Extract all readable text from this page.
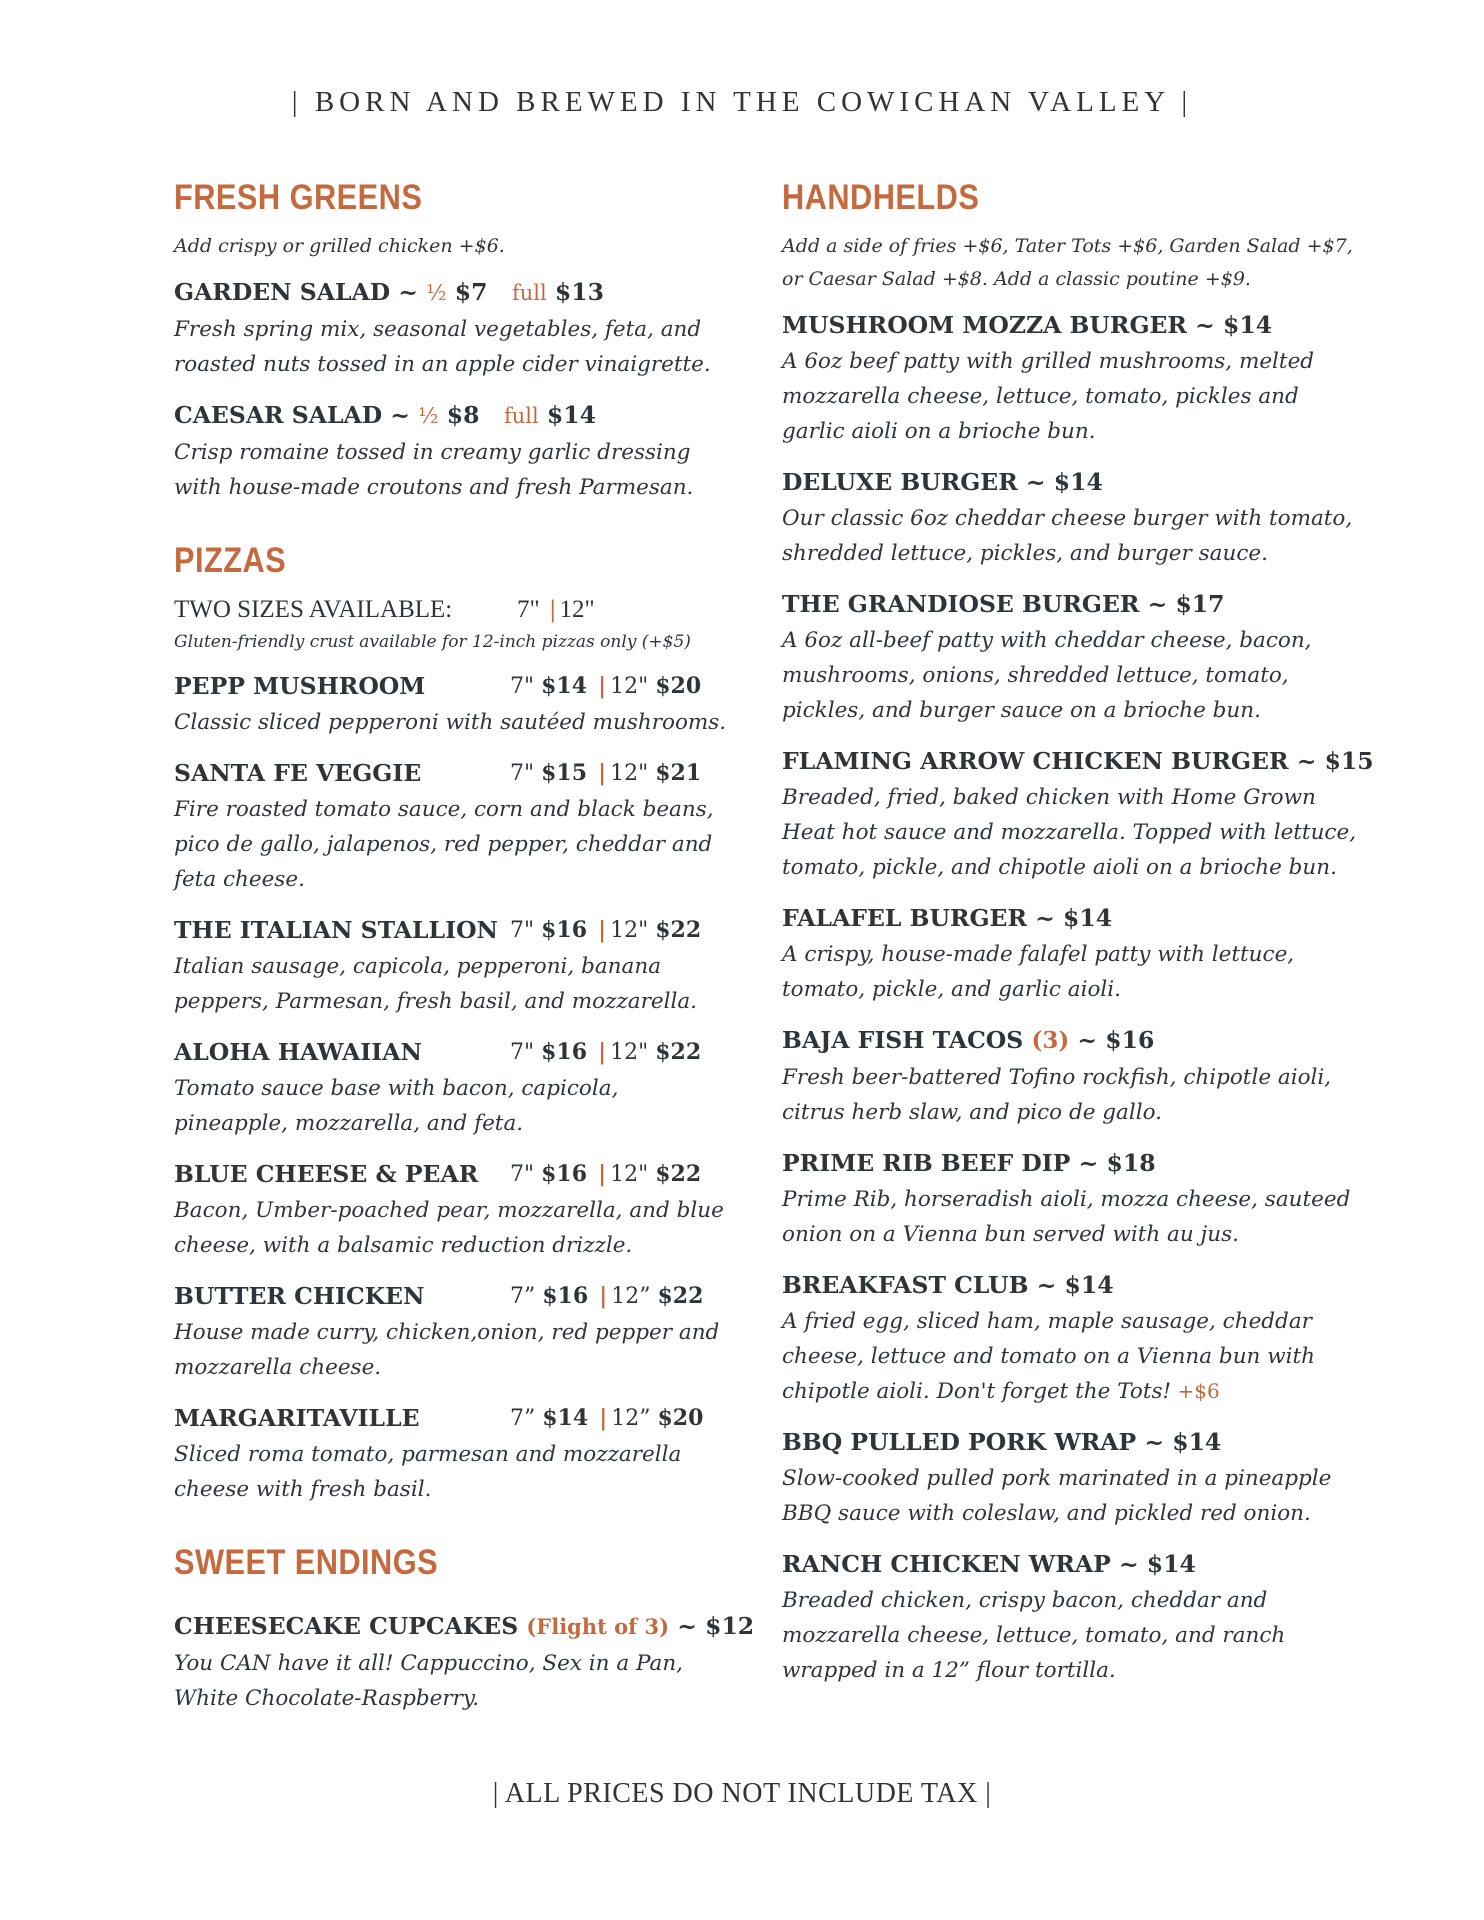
| BORN AND BREWED IN THE COWICHAN VALLEY |
FRESH GREENS
Add crispy or grilled chicken +$6.
GARDEN SALAD ~ ½ $7 full $13
Fresh spring mix, seasonal vegetables, feta, and roasted nuts tossed in an apple cider vinaigrette.
CAESAR SALAD ~ ½ $8 full $14
Crisp romaine tossed in creamy garlic dressing with house-made croutons and fresh Parmesan.
PIZZAS
TWO SIZES AVAILABLE:	7" | 12"
Gluten-friendly crust available for 12-inch pizzas only (+$5)
PEPP MUSHROOM	7" $14 | 12" $20
Classic sliced pepperoni with sautéed mushrooms.
SANTA FE VEGGIE	7" $15 | 12" $21
Fire roasted tomato sauce, corn and black beans, pico de gallo, jalapenos, red pepper, cheddar and feta cheese.
THE ITALIAN STALLION 7" $16 | 12" $22
Italian sausage, capicola, pepperoni, banana peppers, Parmesan, fresh basil, and mozzarella.
ALOHA HAWAIIAN	7" $16 | 12" $22
Tomato sauce base with bacon, capicola, pineapple, mozzarella, and feta.
BLUE CHEESE & PEAR 7" $16 | 12" $22
Bacon, Umber-poached pear, mozzarella, and blue cheese, with a balsamic reduction drizzle.
BUTTER CHICKEN	7” $16 | 12” $22
House made curry, chicken,onion, red pepper and mozzarella cheese.
MARGARITAVILLE	7” $14 | 12” $20
Sliced roma tomato, parmesan and mozzarella cheese with fresh basil.
SWEET ENDINGS
CHEESECAKE CUPCAKES (Flight of 3) ~ $12
You CAN have it all! Cappuccino, Sex in a Pan, White Chocolate-Raspberry.
HANDHELDS
Add a side of fries +$6, Tater Tots +$6, Garden Salad +$7, or Caesar Salad +$8. Add a classic poutine +$9.
MUSHROOM MOZZA BURGER ~ $14
A 6oz beef patty with grilled mushrooms, melted mozzarella cheese, lettuce, tomato, pickles and garlic aioli on a brioche bun.
DELUXE BURGER ~ $14
Our classic 6oz cheddar cheese burger with tomato, shredded lettuce, pickles, and burger sauce.
THE GRANDIOSE BURGER ~ $17
A 6oz all-beef patty with cheddar cheese, bacon, mushrooms, onions, shredded lettuce, tomato, pickles, and burger sauce on a brioche bun.
FLAMING ARROW CHICKEN BURGER ~ $15
Breaded, fried, baked chicken with Home Grown Heat hot sauce and mozzarella. Topped with lettuce, tomato, pickle, and chipotle aioli on a brioche bun.
FALAFEL BURGER ~ $14
A crispy, house-made falafel patty with lettuce, tomato, pickle, and garlic aioli.
BAJA FISH TACOS (3) ~ $16
Fresh beer-battered Tofino rockfish, chipotle aioli, citrus herb slaw, and pico de gallo.
PRIME RIB BEEF DIP ~ $18
Prime Rib, horseradish aioli, mozza cheese, sauteed onion on a Vienna bun served with au jus.
BREAKFAST CLUB ~ $14
A fried egg, sliced ham, maple sausage, cheddar cheese, lettuce and tomato on a Vienna bun with chipotle aioli. Don't forget the Tots! +$6
BBQ PULLED PORK WRAP ~ $14
Slow-cooked pulled pork marinated in a pineapple BBQ sauce with coleslaw, and pickled red onion.
RANCH CHICKEN WRAP ~ $14
Breaded chicken, crispy bacon, cheddar and mozzarella cheese, lettuce, tomato, and ranch wrapped in a 12” flour tortilla.
| ALL PRICES DO NOT INCLUDE TAX |
